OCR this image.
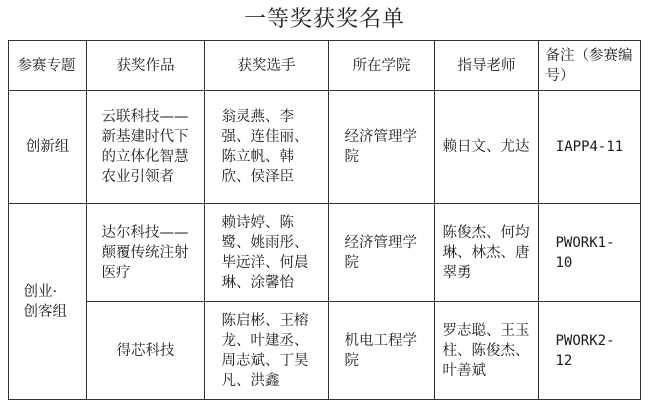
一等奖获奖名单
参赛专题	获奖作品	获奖选手	所在学院	指导老师	备注（参赛编号）

创新组	云联科技——新基建时代下的立体化智慧农业引领者	翁灵燕、李强、连佳丽、陈立帆、韩欣、侯泽臣	经济管理学院	赖日文、尤达	IAPP4-11

创业·创客组	达尔科技——颠覆传统注射医疗	赖诗婷、陈鹭、姚雨彤、毕远洋、何晨琳、涂馨怡	经济管理学院	陈俊杰、何均琳、林杰、唐翠勇	PWORK1-10

	得芯科技	陈启彬、王榕龙、叶建丞、周志斌、丁昊凡、洪鑫	机电工程学院	罗志聪、王玉柱、陈俊杰、叶善斌	PWORK2-12
